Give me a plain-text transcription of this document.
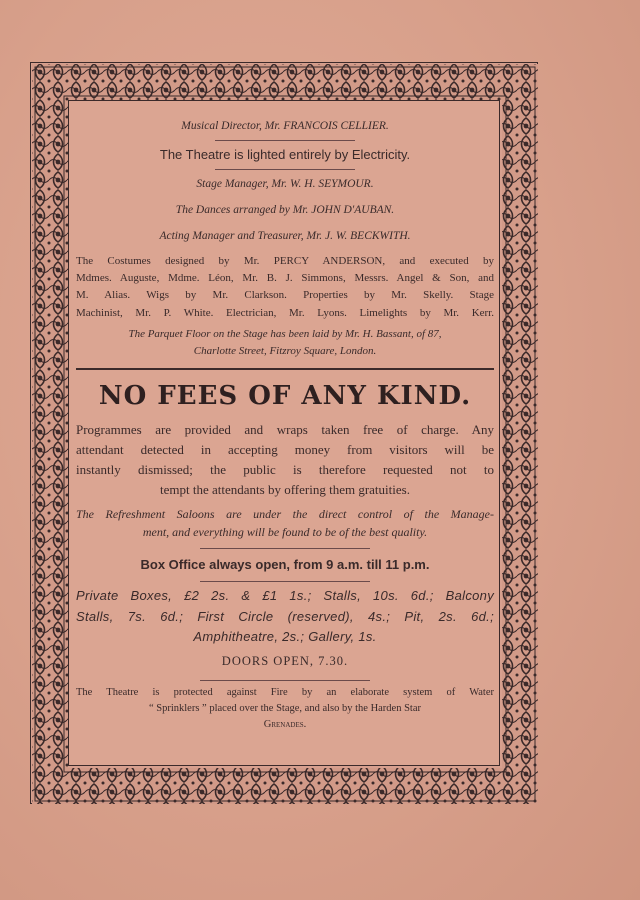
Musical Director, Mr. FRANCOIS CELLIER.

The Theatre is lighted entirely by Electricity.

Stage Manager, Mr. W. H. SEYMOUR.

The Dances arranged by Mr. JOHN D'AUBAN.

Acting Manager and Treasurer, Mr. J. W. BECKWITH.

The Costumes designed by Mr. PERCY ANDERSON, and executed by

Mdmes. Auguste, Mdme. Léon, Mr. B. J. Simmons, Messrs. Angel & Son, and

M. Alias. Wigs by Mr. Clarkson. Properties by Mr. Skelly. Stage

Machinist, Mr. P. White. Electrician, Mr. Lyons. Limelights by Mr. Kerr.

The Parquet Floor on the Stage has been laid by Mr. H. Bassant, of 87,

Charlotte Street, Fitzroy Square, London.

NO FEES OF ANY KIND.

Programmes are provided and wraps taken free of charge. Any

attendant detected in accepting money from visitors will be

instantly dismissed; the public is therefore requested not to

tempt the attendants by offering them gratuities.

The Refreshment Saloons are under the direct control of the Manage-

ment, and everything will be found to be of the best quality.

Box Office always open, from 9 a.m. till 11 p.m.

Private Boxes, £2 2s. & £1 1s.; Stalls, 10s. 6d.; Balcony

Stalls, 7s. 6d.; First Circle (reserved), 4s.; Pit, 2s. 6d.;

Amphitheatre, 2s.; Gallery, 1s.

DOORS OPEN, 7.30.

The Theatre is protected against Fire by an elaborate system of Water

“ Sprinklers ” placed over the Stage, and also by the Harden Star

Grenades.
